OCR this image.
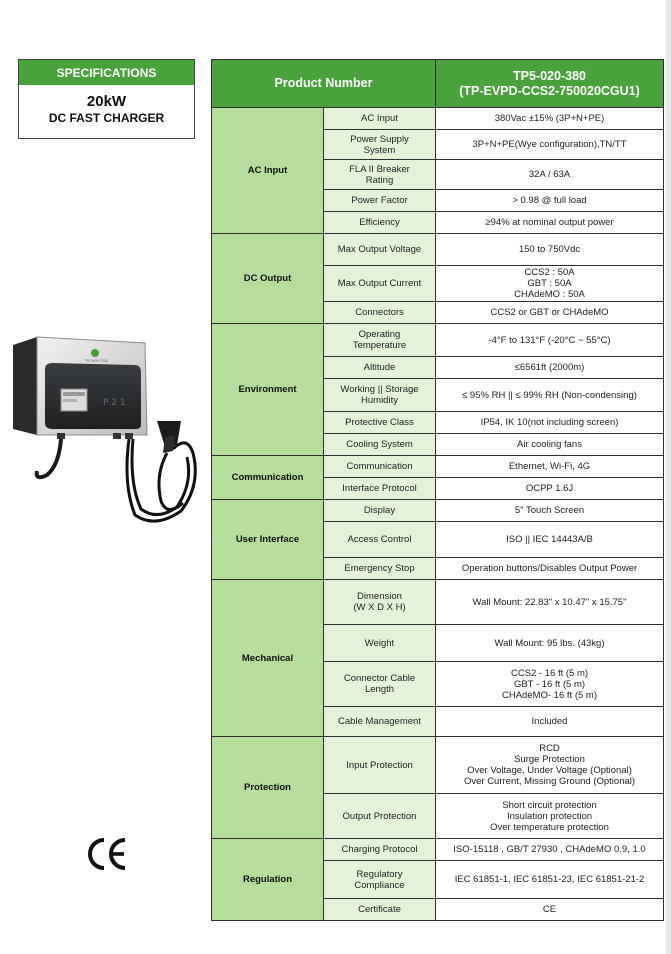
SPECIFICATIONS
20kW
DC FAST CHARGER
P 2 1
TECHMOTIVE
Product Number		TP5-020-380
(TP-EVPD-CCS2-750020CGU1)
AC Input	AC Input	380Vac ±15% (3P+N+PE)
	Power Supply
System	3P+N+PE(Wye configuration),TN/TT
	FLA II Breaker
Rating	32A / 63A
	Power Factor	> 0.98 @ full load
	Efficiency	≥94% at nominal output power
DC Output	Max Output Voltage	150 to 750Vdc
	Max Output Current	CCS2 : 50A
GBT : 50A
CHAdeMO : 50A
	Connectors	CCS2 or GBT or CHAdeMO
Environment	Operating
Temperature	-4°F to 131°F (-20°C ~ 55°C)
	Altitude	≤6561ft (2000m)
	Working || Storage
Humidity	≤ 95% RH || ≤ 99% RH (Non-condensing)
	Protective Class	IP54, IK 10(not including screen)
	Cooling System	Air cooling fans
Communication	Communication	Ethernet, Wi-Fi, 4G
	Interface Protocol	OCPP 1.6J
User Interface	Display	5" Touch Screen
	Access Control	ISO || IEC 14443A/B
	Emergency Stop	Operation buttons/Disables Output Power
Mechanical	Dimension
(W X D X H)	Wall Mount: 22.83" x 10.47" x 15.75"
	Weight	Wall Mount: 95 lbs. (43kg)
	Connector Cable
Length	CCS2 - 16 ft (5 m)
GBT - 16 ft (5 m)
CHAdeMO- 16 ft (5 m)
	Cable Management	Included
Protection	Input Protection	RCD
Surge Protection
Over Voltage, Under Voltage (Optional)
Over Current, Missing Ground (Optional)
	Output Protection	Short circuit protection
Insulation protection
Over temperature protection
Regulation	Charging Protocol	ISO-15118 , GB/T 27930 , CHAdeMO 0.9, 1.0
	Regulatory
Compliance	IEC 61851-1, IEC 61851-23, IEC 61851-21-2
	Certificate	CE
